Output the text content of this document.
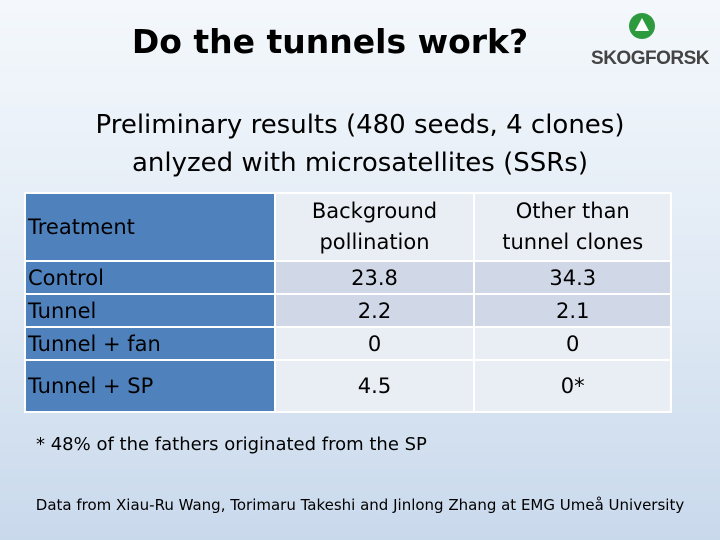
Do the tunnels work?	SKOGFORSK
Preliminary results (480 seeds, 4 clones)
anlyzed with microsatellites (SSRs)
Treatment	Background pollination	Other than tunnel clones
Control	23.8	34.3
Tunnel	2.2	2.1
Tunnel + fan	0	0
Tunnel + SP	4.5	0*
* 48% of the fathers originated from the SP
Data from Xiau-Ru Wang, Torimaru Takeshi and Jinlong Zhang at EMG Umeå University
